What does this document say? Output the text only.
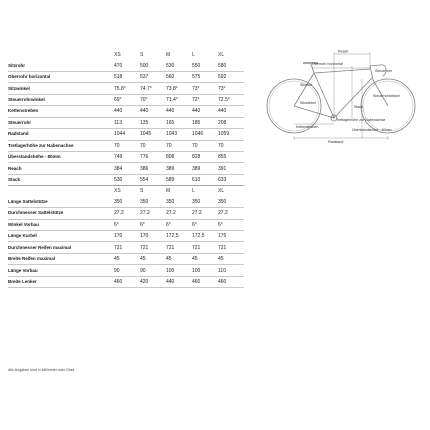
	XS	S	M	L	XL
Sitzrohr	470	500	530	550	580
Oberrohr horizontal	518	537	560	575	592
Sitzwinkel	75.8°	74.7°	73.8°	73°	73°
Steuerrohrwinkel	69°	70°	71.4°	72°	72.5°
Kettenstreben	440	440	440	440	440
Steuerrohr	113	135	165	185	208
Radstand	1044	1045	1043	1046	1059
Tretlagerhöhe zur Nabenachse	70	70	70	70	70
Überstandshöhe - 80mm	749	776	808	828	855
Reach	384	386	389	389	391
Stack	530	554	589	610	633
	XS	S	M	L	XL
Länge Sattelstütze	350	350	350	350	350
Durchmesser Sattelstütze	27.2	27.2	27.2	27.2	27.2
Winkel Vorbau	6°	6°	6°	6°	6°
Länge Kurbel	170	170	172,5	172,5	175
Durchmesser Reifen maximal	721	721	721	721	721
Breite Reifen maximal	45	45	45	45	45
Länge Vorbau	90	90	100	100	110
Breite Lenker	460	420	440	460	460
Reach
Oberrohr horizontal
Sitzrohr
Steuerrohr
Sitzwinkel
Steuerrohrwinkel
Stack
Tretlagerhöhe zur Nabenachse
Kettenstreben
Überstandshöhe - 80mm
Radstand
Alle Angaben sind in Millimeter oder Grad.
